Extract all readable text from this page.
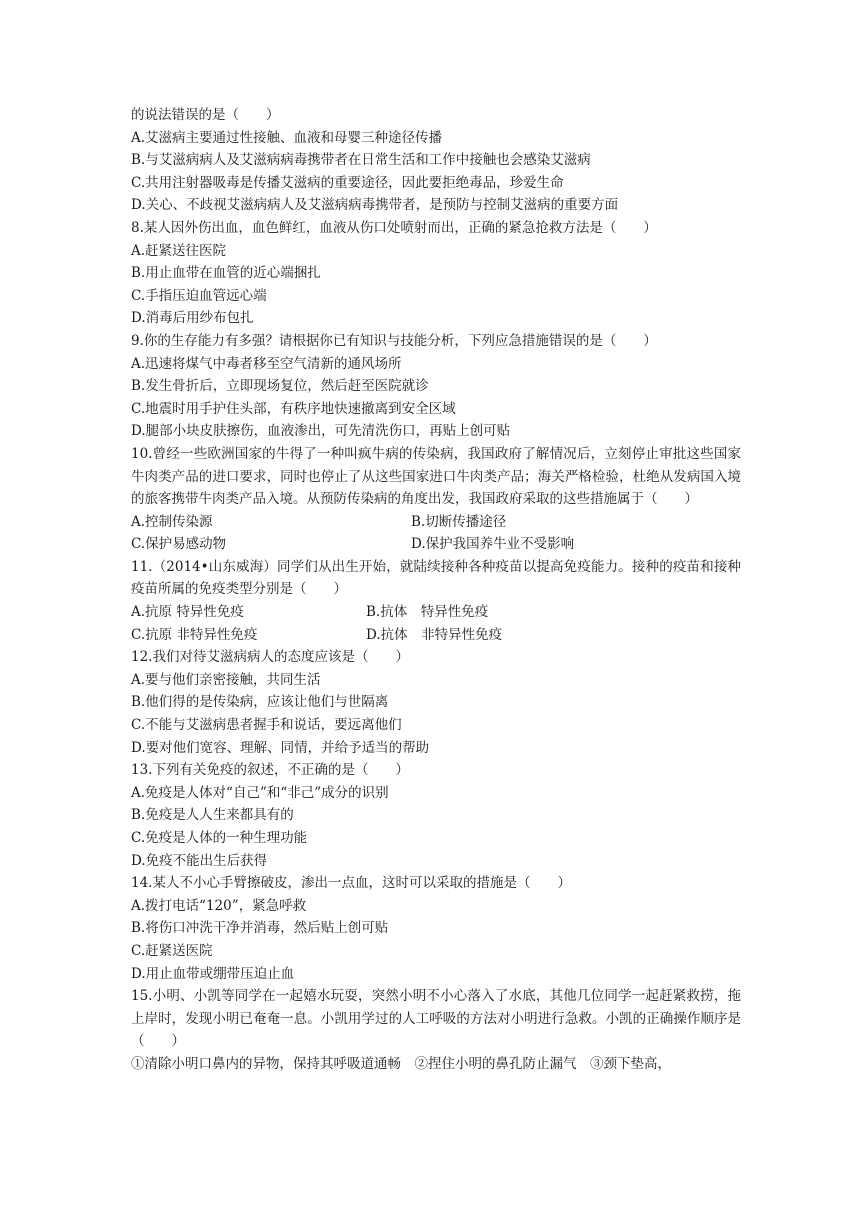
的说法错误的是（　　）
A.艾滋病主要通过性接触、血液和母婴三种途径传播
B.与艾滋病病人及艾滋病病毒携带者在日常生活和工作中接触也会感染艾滋病
C.共用注射器吸毒是传播艾滋病的重要途径，因此要拒绝毒品，珍爱生命
D.关心、不歧视艾滋病病人及艾滋病病毒携带者，是预防与控制艾滋病的重要方面
8.某人因外伤出血，血色鲜红，血液从伤口处喷射而出，正确的紧急抢救方法是（　　）
A.赶紧送往医院
B.用止血带在血管的近心端捆扎
C.手指压迫血管远心端
D.消毒后用纱布包扎
9.你的生存能力有多强？请根据你已有知识与技能分析，下列应急措施错误的是（　　）
A.迅速将煤气中毒者移至空气清新的通风场所
B.发生骨折后，立即现场复位，然后赶至医院就诊
C.地震时用手护住头部，有秩序地快速撤离到安全区域
D.腿部小块皮肤擦伤，血液渗出，可先清洗伤口，再贴上创可贴
10.曾经一些欧洲国家的牛得了一种叫疯牛病的传染病，我国政府了解情况后，立刻停止审批这些国家牛肉类产品的进口要求，同时也停止了从这些国家进口牛肉类产品；海关严格检验，杜绝从发病国入境的旅客携带牛肉类产品入境。从预防传染病的角度出发，我国政府采取的这些措施属于（　　）
A.控制传染源	B.切断传播途径
C.保护易感动物	D.保护我国养牛业不受影响
11.（2014•山东威海）同学们从出生开始，就陆续接种各种疫苗以提高免疫能力。接种的疫苗和接种疫苗所属的免疫类型分别是（　　）
A.抗原 特异性免疫	B.抗体　特异性免疫
C.抗原 非特异性免疫	D.抗体　非特异性免疫
12.我们对待艾滋病病人的态度应该是（　　）
A.要与他们亲密接触，共同生活
B.他们得的是传染病，应该让他们与世隔离
C.不能与艾滋病患者握手和说话，要远离他们
D.要对他们宽容、理解、同情，并给予适当的帮助
13.下列有关免疫的叙述，不正确的是（　　）
A.免疫是人体对“自己”和“非己”成分的识别
B.免疫是人人生来都具有的
C.免疫是人体的一种生理功能
D.免疫不能出生后获得
14.某人不小心手臂擦破皮，渗出一点血，这时可以采取的措施是（　　）
A.拨打电话“120”，紧急呼救
B.将伤口冲洗干净并消毒，然后贴上创可贴
C.赶紧送医院
D.用止血带或绷带压迫止血
15.小明、小凯等同学在一起嬉水玩耍，突然小明不小心落入了水底，其他几位同学一起赶紧救捞，拖上岸时，发现小明已奄奄一息。小凯用学过的人工呼吸的方法对小明进行急救。小凯的正确操作顺序是（　　）
①清除小明口鼻内的异物，保持其呼吸道通畅　②捏住小明的鼻孔防止漏气　③颈下垫高，
